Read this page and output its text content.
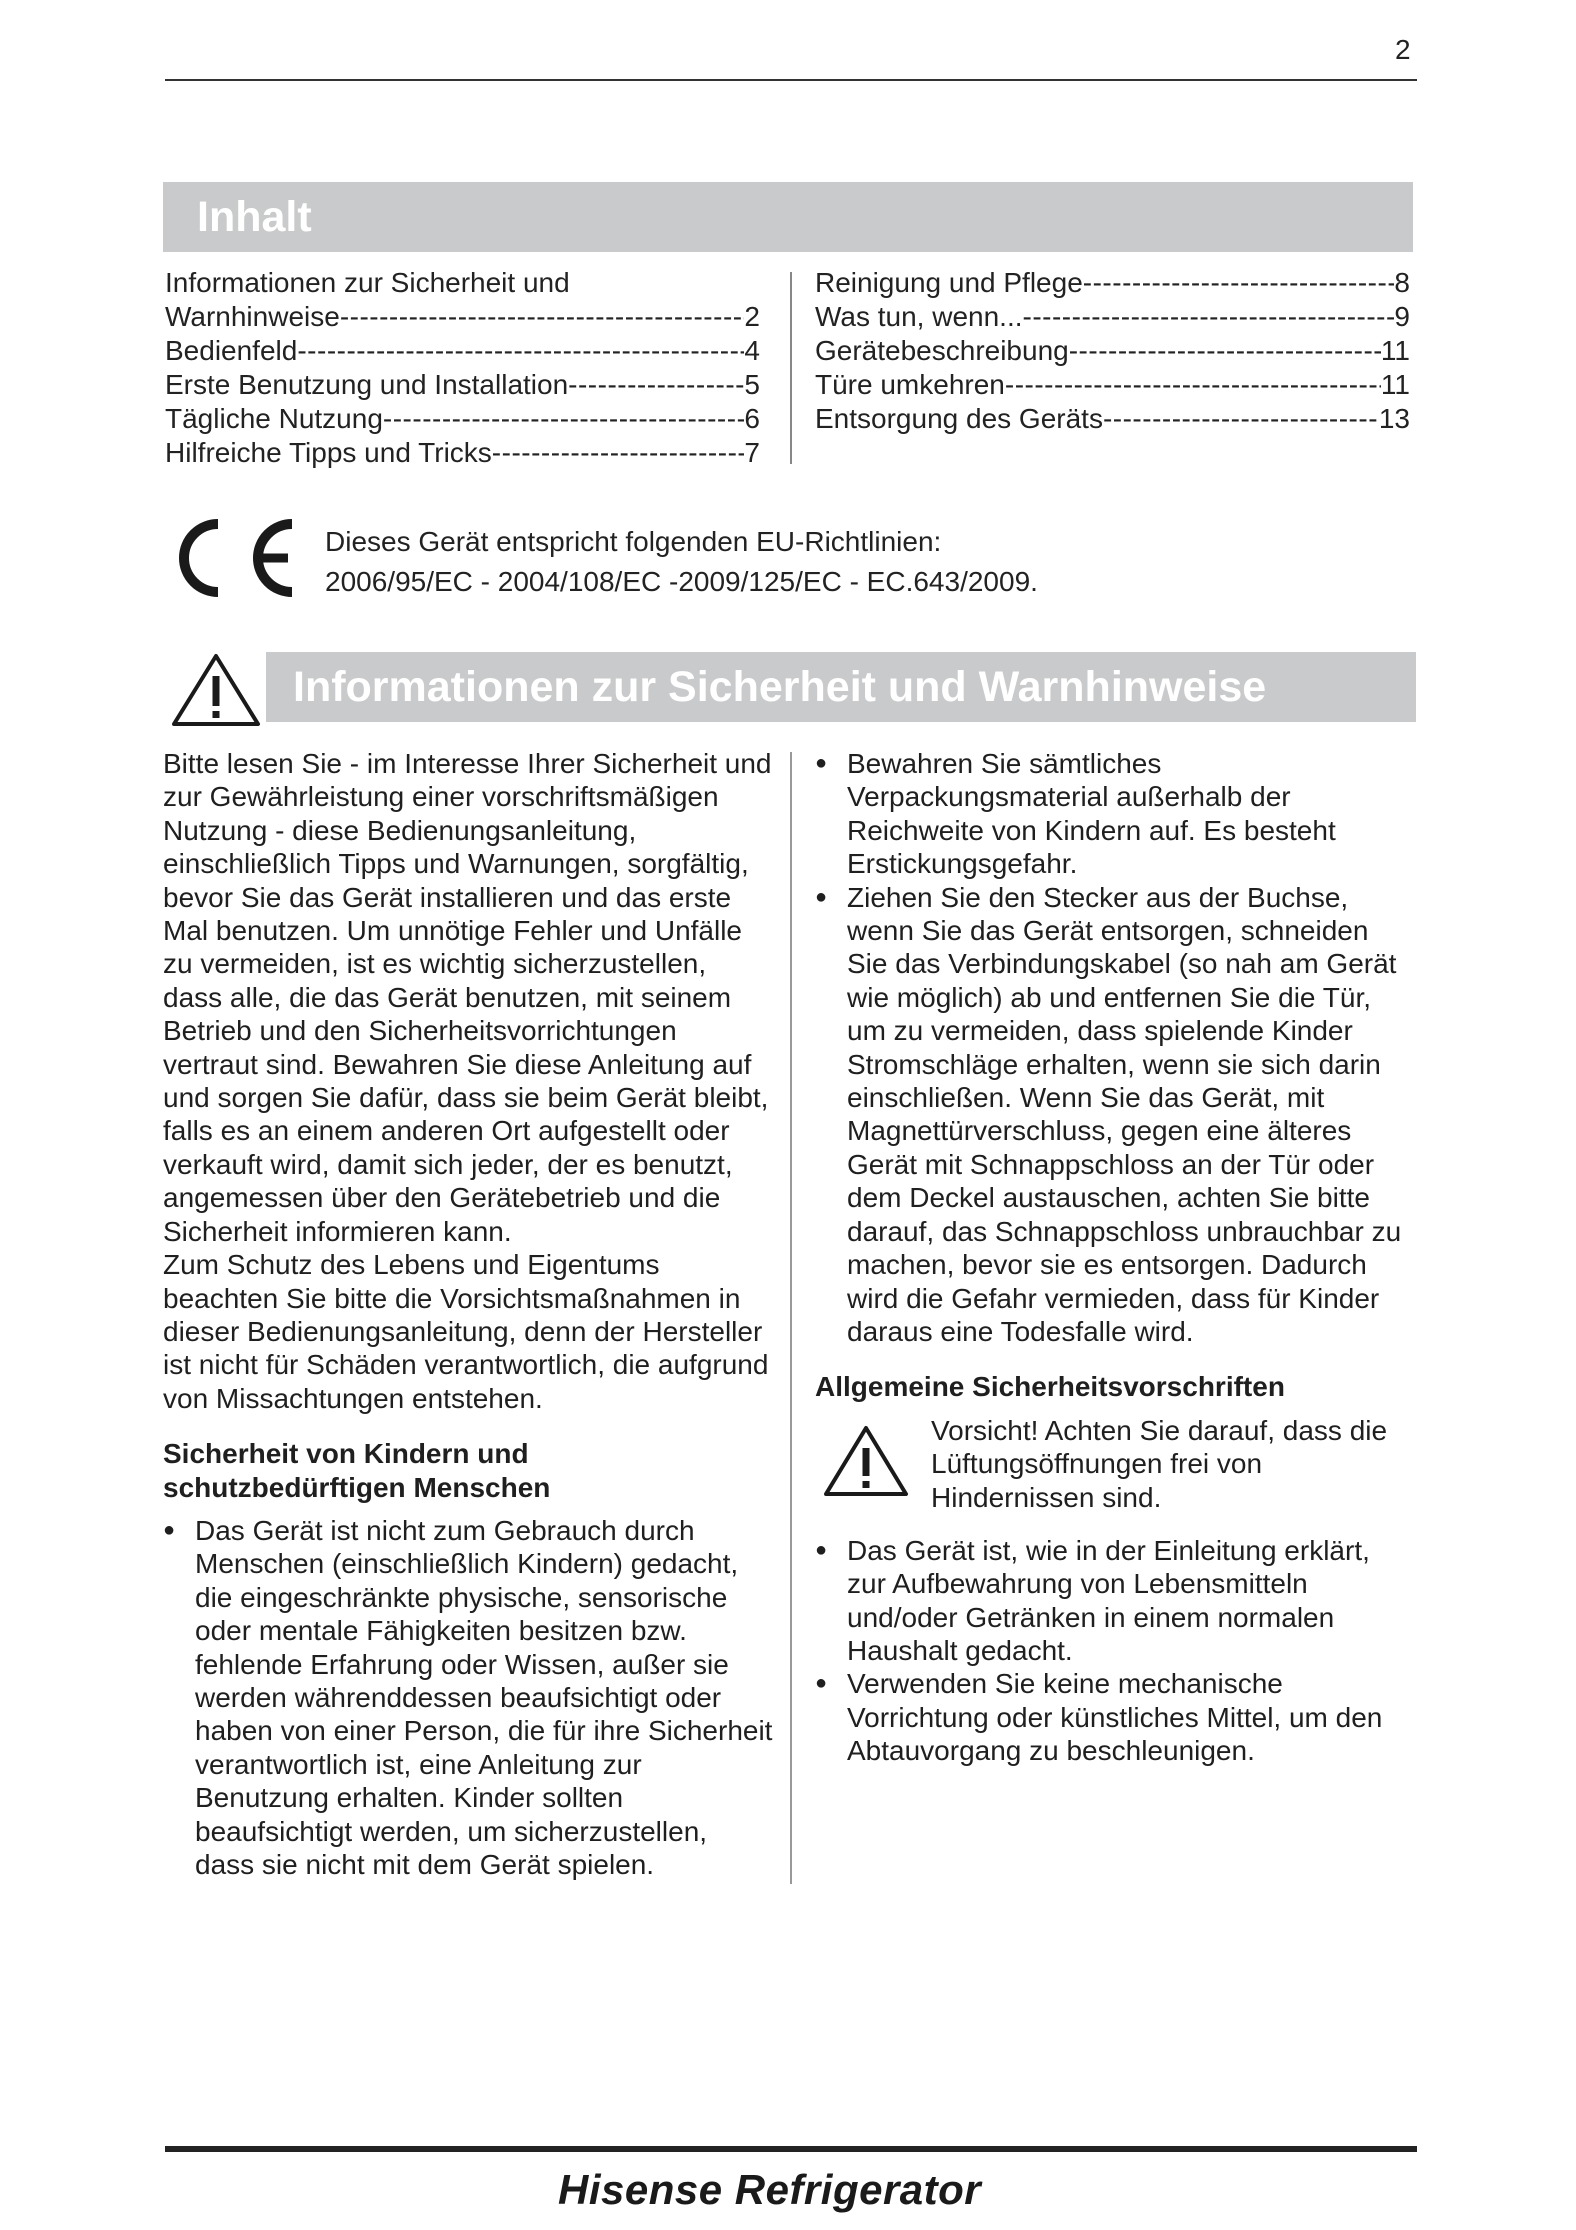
2
Inhalt
Informationen zur Sicherheit und
Warnhinweise -----	2
Bedienfeld -----	4
Erste Benutzung und Installation -----	5
Tägliche Nutzung -----	6
Hilfreiche Tipps und Tricks -----	7
Reinigung und Pflege -----	8
Was tun, wenn... -----	9
Gerätebeschreibung -----	11
Türe umkehren -----	11
Entsorgung des Geräts -----	13
Dieses Gerät entspricht folgenden EU-Richtlinien:
2006/95/EC - 2004/108/EC -2009/125/EC - EC.643/2009.
Informationen zur Sicherheit und Warnhinweise

Bitte lesen Sie - im Interesse Ihrer Sicherheit und zur Gewährleistung einer vorschriftsmäßigen Nutzung - diese Bedienungsanleitung, einschließlich Tipps und Warnungen, sorgfältig, bevor Sie das Gerät installieren und das erste Mal benutzen. Um unnötige Fehler und Unfälle zu vermeiden, ist es wichtig sicherzustellen, dass alle, die das Gerät benutzen, mit seinem Betrieb und den Sicherheitsvorrichtungen vertraut sind. Bewahren Sie diese Anleitung auf und sorgen Sie dafür, dass sie beim Gerät bleibt, falls es an einem anderen Ort aufgestellt oder verkauft wird, damit sich jeder, der es benutzt, angemessen über den Gerätebetrieb und die Sicherheit informieren kann.

Zum Schutz des Lebens und Eigentums beachten Sie bitte die Vorsichtsmaßnahmen in dieser Bedienungsanleitung, denn der Hersteller ist nicht für Schäden verantwortlich, die aufgrund von Missachtungen entstehen.

Sicherheit von Kindern und schutzbedürftigen Menschen

● Das Gerät ist nicht zum Gebrauch durch Menschen (einschließlich Kindern) gedacht, die eingeschränkte physische, sensorische oder mentale Fähigkeiten besitzen bzw. fehlende Erfahrung oder Wissen, außer sie werden währenddessen beaufsichtigt oder haben von einer Person, die für ihre Sicherheit verantwortlich ist, eine Anleitung zur Benutzung erhalten. Kinder sollten beaufsichtigt werden, um sicherzustellen, dass sie nicht mit dem Gerät spielen.

● Bewahren Sie sämtliches Verpackungsmaterial außerhalb der Reichweite von Kindern auf. Es besteht Erstickungsgefahr.

● Ziehen Sie den Stecker aus der Buchse, wenn Sie das Gerät entsorgen, schneiden Sie das Verbindungskabel (so nah am Gerät wie möglich) ab und entfernen Sie die Tür, um zu vermeiden, dass spielende Kinder Stromschläge erhalten, wenn sie sich darin einschließen. Wenn Sie das Gerät, mit Magnettürverschluss, gegen eine älteres Gerät mit Schnappschloss an der Tür oder dem Deckel austauschen, achten Sie bitte darauf, das Schnappschloss unbrauchbar zu machen, bevor sie es entsorgen. Dadurch wird die Gefahr vermieden, dass für Kinder daraus eine Todesfalle wird.

Allgemeine Sicherheitsvorschriften

Vorsicht! Achten Sie darauf, dass die Lüftungsöffnungen frei von Hindernissen sind.

● Das Gerät ist, wie in der Einleitung erklärt, zur Aufbewahrung von Lebensmitteln und/oder Getränken in einem normalen Haushalt gedacht.

● Verwenden Sie keine mechanische Vorrichtung oder künstliches Mittel, um den Abtauvorgang zu beschleunigen.

Hisense Refrigerator
